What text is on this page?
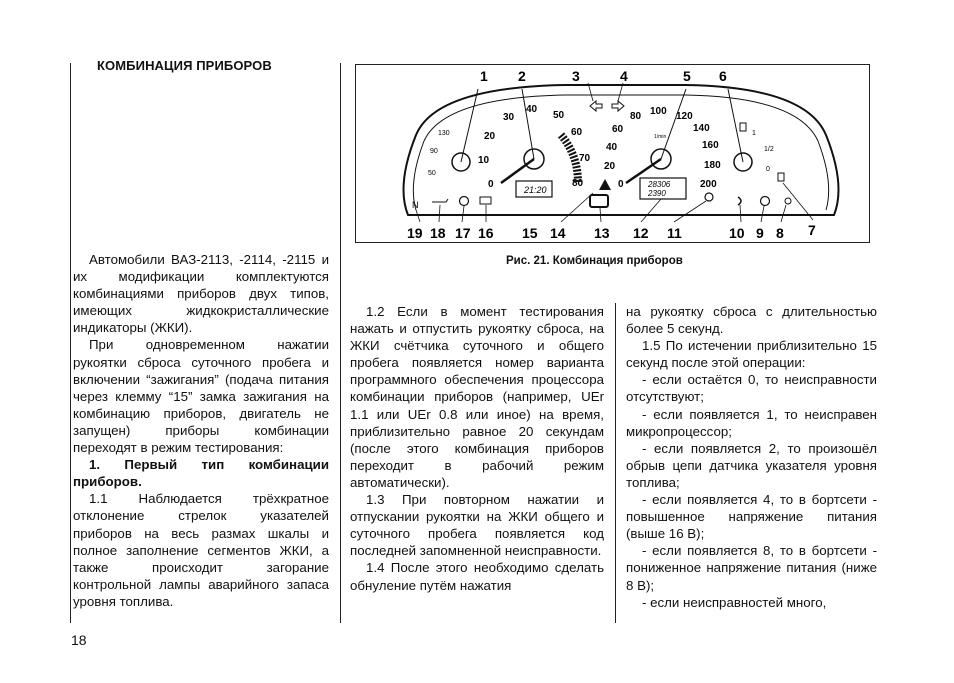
КОМБИНАЦИЯ ПРИБОРОВ
130
90
50
0
10
20
30
40
50
60
70
80
21:20	0
20
40
60
80 100 120
140
160
180
200
1/min
28306
2390
1
1/2
0
N
1 2	3	4	5 6
19 18 17 16 15 14 13 12 11	10 9 8 7
Рис. 21. Комбинация приборов

Автомобили ВАЗ-2113, -2114, -2115 и их модификации комплектуются комбинациями приборов двух типов, имеющих жидкокристаллические индикаторы (ЖКИ).

При одновременном нажатии рукоятки сброса суточного пробега и включении “зажигания” (подача питания через клемму “15” замка зажигания на комбинацию приборов, двигатель не запущен) приборы комбинации переходят в режим тестирования:

1. Первый тип комбинации приборов.

1.1 Наблюдается трёхкратное отклонение стрелок указателей приборов на весь размах шкалы и полное заполнение сегментов ЖКИ, а также происходит загорание контрольной лампы аварийного запаса уровня топлива.

1.2 Если в момент тестирования нажать и отпустить рукоятку сброса, на ЖКИ счётчика суточного и общего пробега появляется номер варианта программного обеспечения процессора комбинации приборов (например, UEr 1.1 или UEr 0.8 или иное) на время, приблизительно равное 20 секундам (после этого комбинация приборов переходит в рабочий режим автоматически).

1.3 При повторном нажатии и отпускании рукоятки на ЖКИ общего и суточного пробега появляется код последней запомненной неисправности.

1.4 После этого необходимо сделать обнуление путём нажатия

на рукоятку сброса с длительностью более 5 секунд.

1.5 По истечении приблизительно 15 секунд после этой операции:

- если остаётся 0, то неисправности отсутствуют;

- если появляется 1, то неисправен микропроцессор;

- если появляется 2, то произошёл обрыв цепи датчика указателя уровня топлива;

- если появляется 4, то в бортсети - повышенное напряжение питания (выше 16 В);

- если появляется 8, то в бортсети - пониженное напряжение питания (ниже 8 В);

- если неисправностей много,

18
